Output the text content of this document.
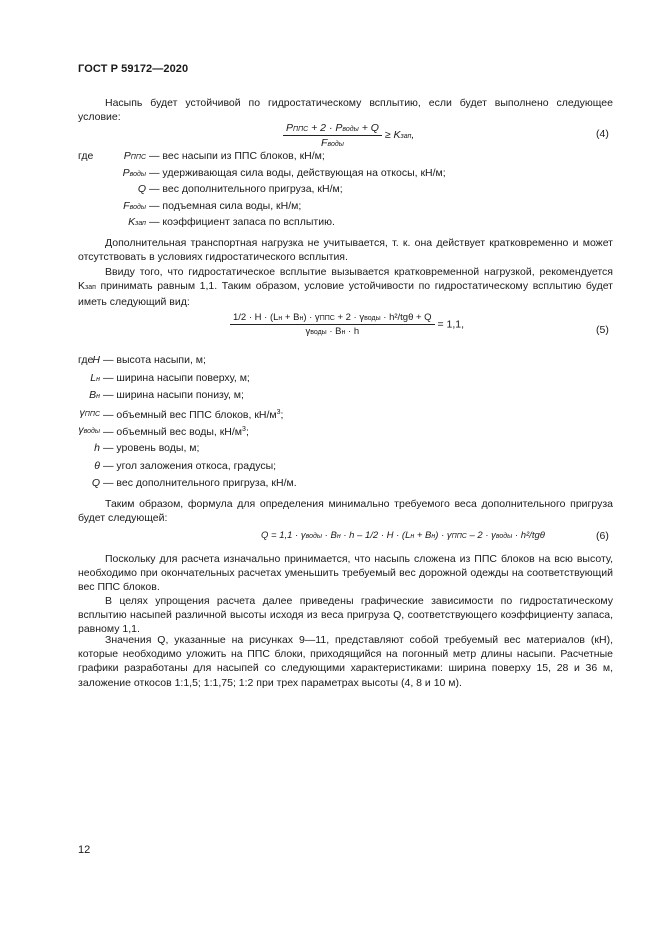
ГОСТ Р 59172—2020
Насыпь будет устойчивой по гидростатическому всплытию, если будет выполнено следующее условие:
$\frac{\text{PППС + 2 · Pводы + Q}}{\text{Fводы}}$ ≥ Kзап,	(4)
где	PППС — вес насыпи из ППС блоков, кН/м;
Pводы — удерживающая сила воды, действующая на откосы, кН/м;
Q — вес дополнительного пригруза, кН/м;
Fводы — подъемная сила воды, кН/м;
Kзап — коэффициент запаса по всплытию.
Дополнительная транспортная нагрузка не учитывается, т. к. она действует кратковременно и может отсутствовать в условиях гидростатического всплытия.
Ввиду того, что гидростатическое всплытие вызывается кратковременной нагрузкой, рекомендуется Kзап принимать равным 1,1. Таким образом, условие устойчивости по гидростатическому всплытию будет иметь следующий вид:
$\frac{\text{1/2 · H · (Lн + Bн) · γППС + 2 · γводы · h²/tgθ + Q}}{\text{γводы · Bн · h}} = 1,1$,	(5)
где H — высота насыпи, м;
Lн — ширина насыпи поверху, м;
Bн — ширина насыпи понизу, м;
γППС — объемный вес ППС блоков, $кН/м^3$;
γводы — объемный вес воды, $кН/м^3$;
h — уровень воды, м;
θ — угол заложения откоса, градусы;
Q — вес дополнительного пригруза, кН/м.
Таким образом, формула для определения минимально требуемого веса дополнительного пригруза будет следующей:
Q = 1,1 · γводы · Bн · h – 1/2 · H · (Lн + Bн) · γППС – 2 · γводы · h²/tgθ	(6)
Поскольку для расчета изначально принимается, что насыпь сложена из ППС блоков на всю высоту, необходимо при окончательных расчетах уменьшить требуемый вес дорожной одежды на соответствующий вес ППС блоков.
В целях упрощения расчета далее приведены графические зависимости по гидростатическому всплытию насыпей различной высоты исходя из веса пригруза Q, соответствующего коэффициенту запаса, равному 1,1.
Значения Q, указанные на рисунках 9—11, представляют собой требуемый вес материалов (кН), которые необходимо уложить на ППС блоки, приходящийся на погонный метр длины насыпи. Расчетные графики разработаны для насыпей со следующими характеристиками: ширина поверху 15, 28 и 36 м, заложение откосов 1:1,5; 1:1,75; 1:2 при трех параметрах высоты (4, 8 и 10 м).
12
